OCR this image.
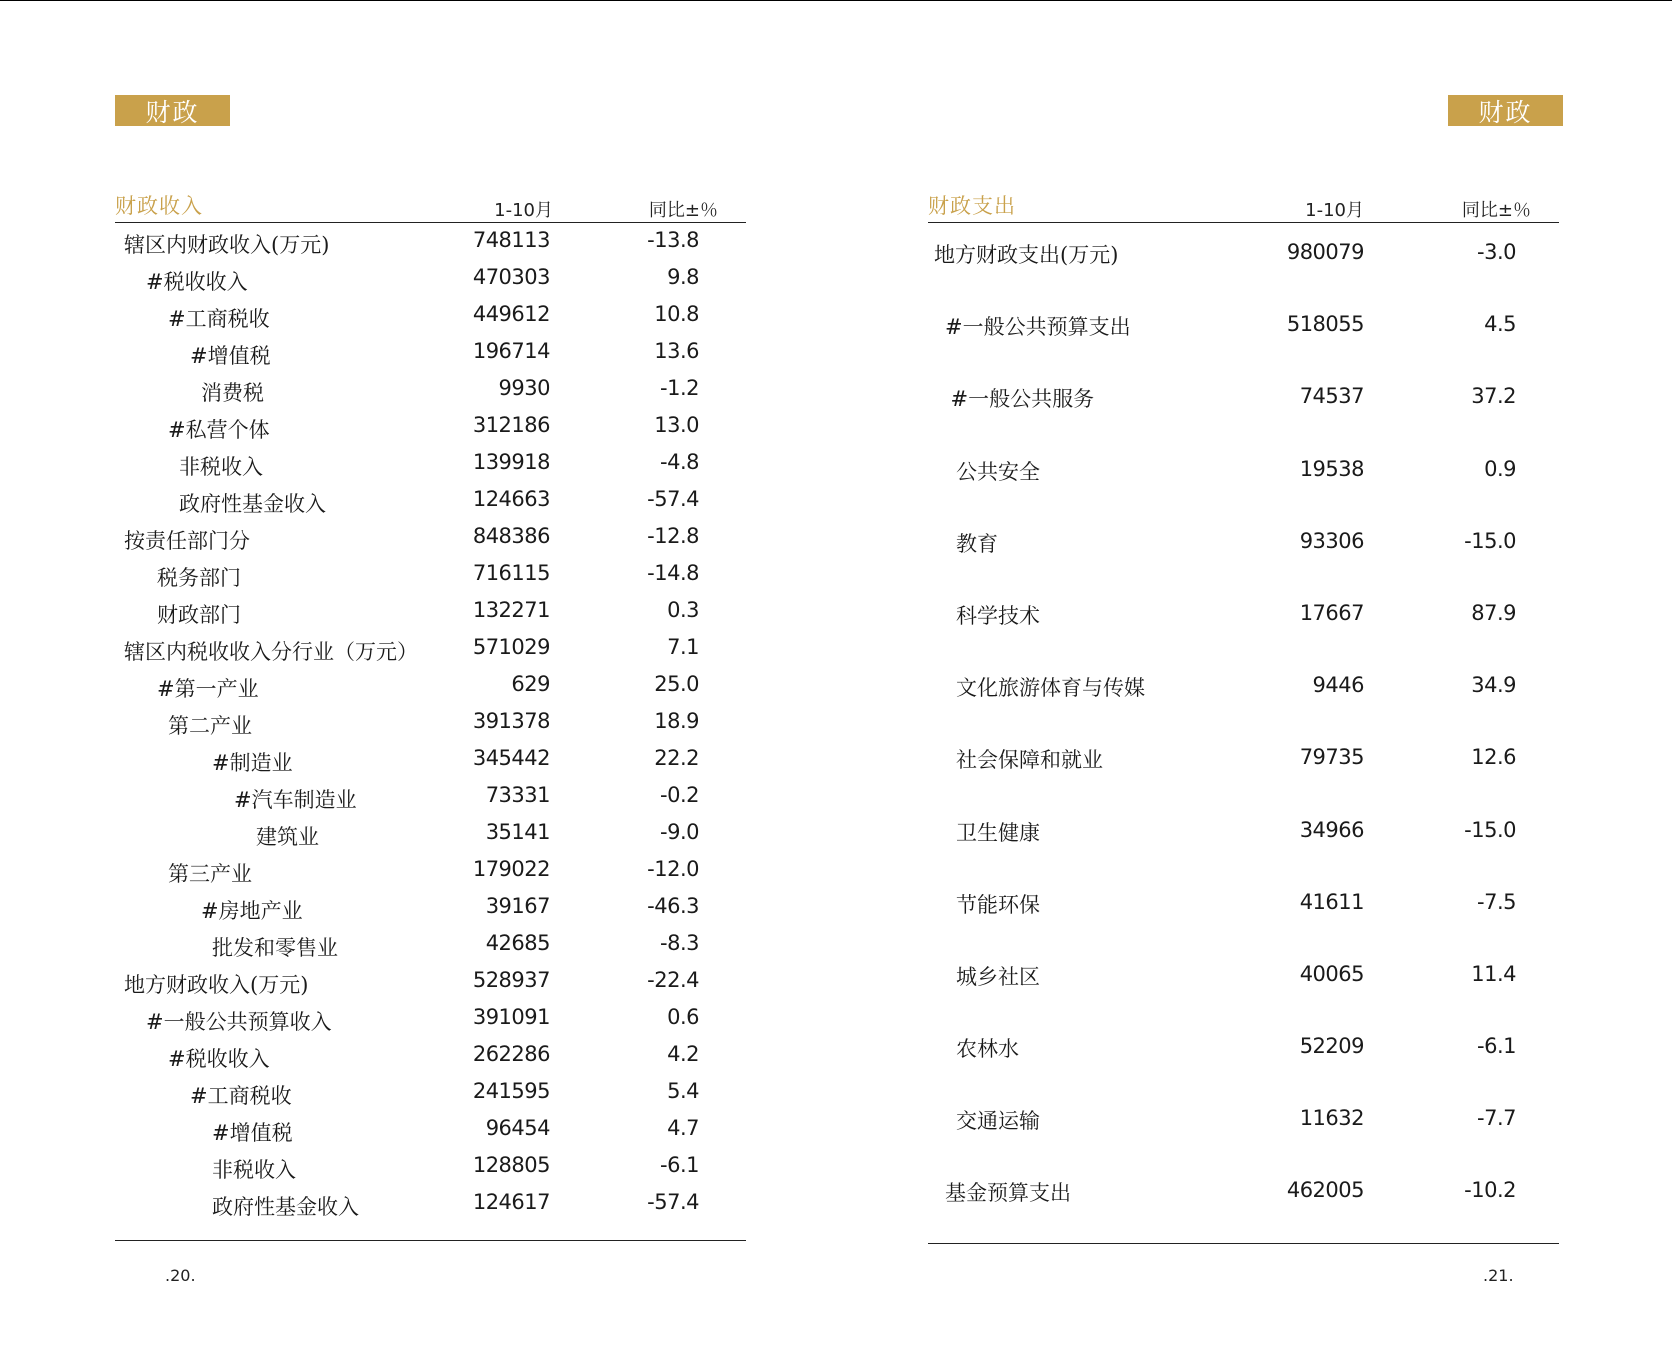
财政	财政
财政收入	1-10月	同比±％
辖区内财政收入(万元)	748113	-13.8
#税收收入	470303	9.8
#工商税收	449612	10.8
#增值税	196714	13.6
消费税	9930	-1.2
#私营个体	312186	13.0
非税收入	139918	-4.8
政府性基金收入	124663	-57.4
按责任部门分	848386	-12.8
税务部门	716115	-14.8
财政部门	132271	0.3
辖区内税收收入分行业（万元）	571029	7.1
#第一产业	629	25.0
第二产业	391378	18.9
#制造业	345442	22.2
#汽车制造业	73331	-0.2
建筑业	35141	-9.0
第三产业	179022	-12.0
#房地产业	39167	-46.3
批发和零售业	42685	-8.3
地方财政收入(万元)	528937	-22.4
#一般公共预算收入	391091	0.6
#税收收入	262286	4.2
#工商税收	241595	5.4
#增值税	96454	4.7
非税收入	128805	-6.1
政府性基金收入	124617	-57.4
财政支出	1-10月	同比±％
地方财政支出(万元)	980079	-3.0
#一般公共预算支出	518055	4.5
#一般公共服务	74537	37.2
公共安全	19538	0.9
教育	93306	-15.0
科学技术	17667	87.9
文化旅游体育与传媒	9446	34.9
社会保障和就业	79735	12.6
卫生健康	34966	-15.0
节能环保	41611	-7.5
城乡社区	40065	11.4
农林水	52209	-6.1
交通运输	11632	-7.7
基金预算支出	462005	-10.2
.20.	.21.
